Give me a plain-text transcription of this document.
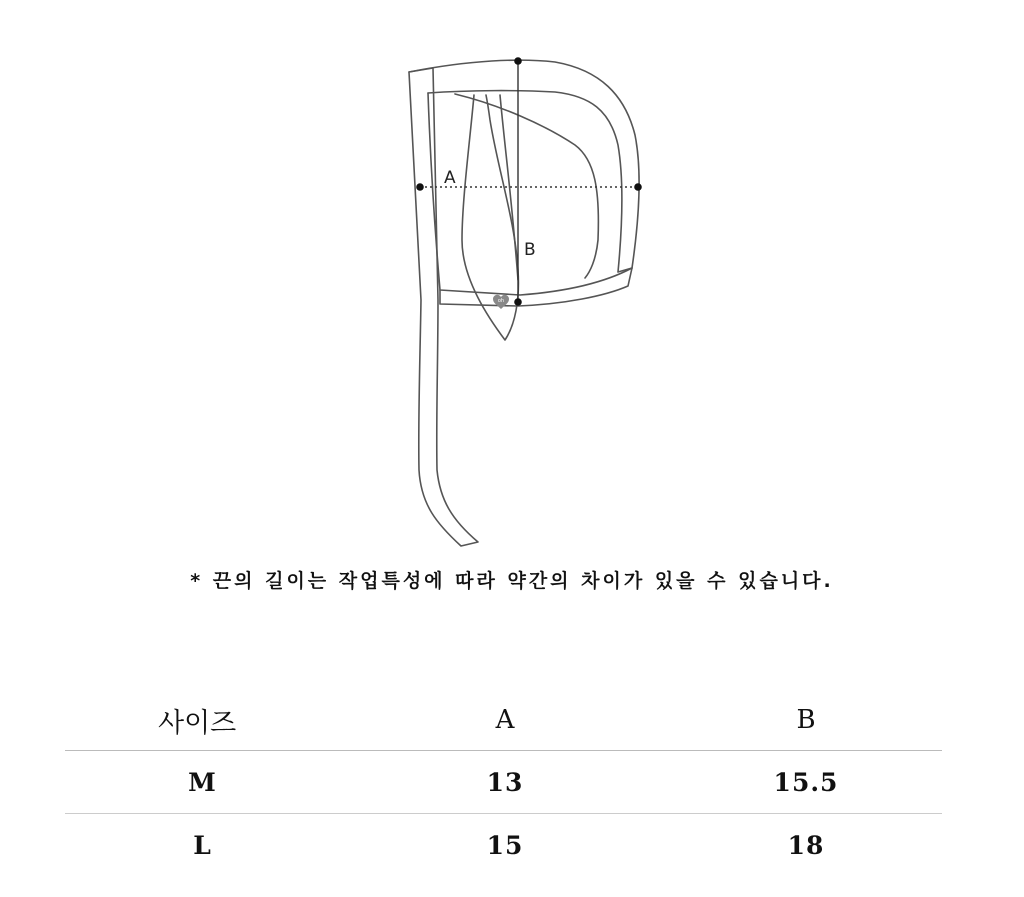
A
B
oh
* 끈의 길이는 작업특성에 따라 약간의 차이가 있을 수 있습니다.
사이즈	A	B
M	13	15.5
L	15	18
